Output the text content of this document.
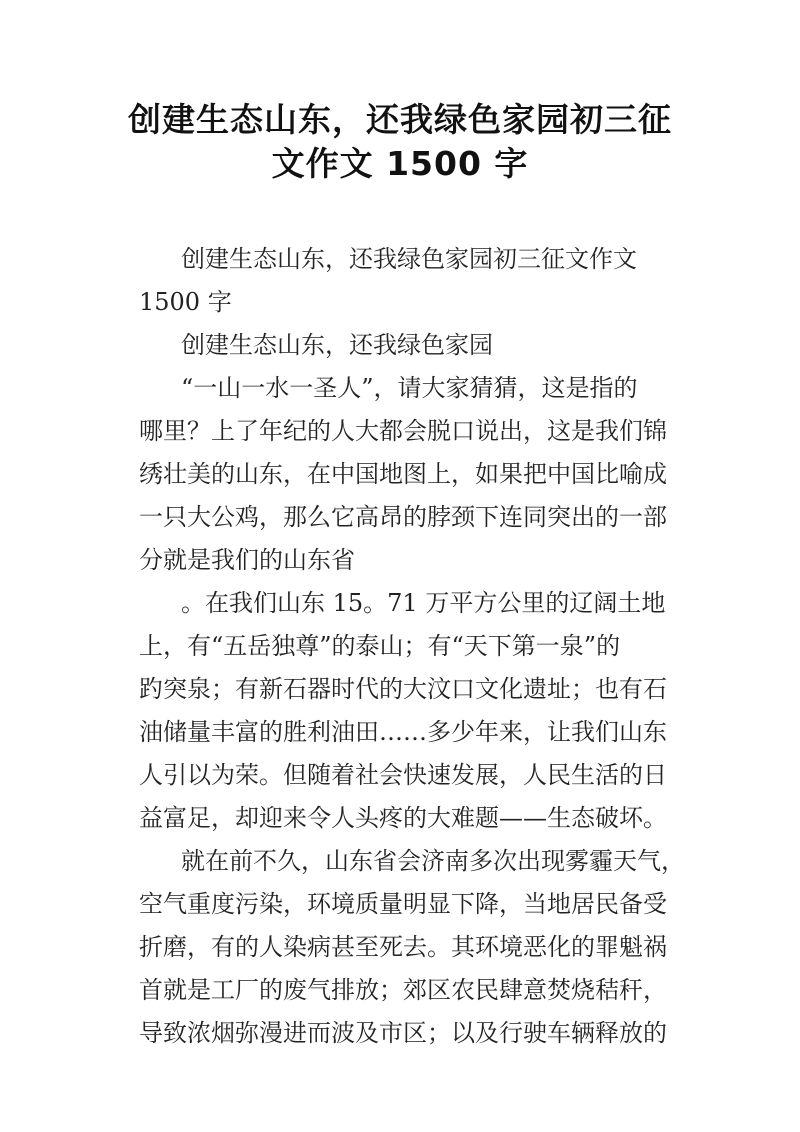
创建生态山东，还我绿色家园初三征
文作文 1500 字
创建生态山东，还我绿色家园初三征文作文
1500 字
创建生态山东，还我绿色家园
“一山一水一圣人”，请大家猜猜，这是指的
哪里？上了年纪的人大都会脱口说出，这是我们锦
绣壮美的山东，在中国地图上，如果把中国比喻成
一只大公鸡，那么它高昂的脖颈下连同突出的一部
分就是我们的山东省
。在我们山东 15。71 万平方公里的辽阔土地
上，有“五岳独尊”的泰山；有“天下第一泉”的
趵突泉；有新石器时代的大汶口文化遗址；也有石
油储量丰富的胜利油田……多少年来，让我们山东
人引以为荣。但随着社会快速发展，人民生活的日
益富足，却迎来令人头疼的大难题——生态破坏。
就在前不久，山东省会济南多次出现雾霾天气，
空气重度污染，环境质量明显下降，当地居民备受
折磨，有的人染病甚至死去。其环境恶化的罪魁祸
首就是工厂的废气排放；郊区农民肆意焚烧秸秆，
导致浓烟弥漫进而波及市区；以及行驶车辆释放的
